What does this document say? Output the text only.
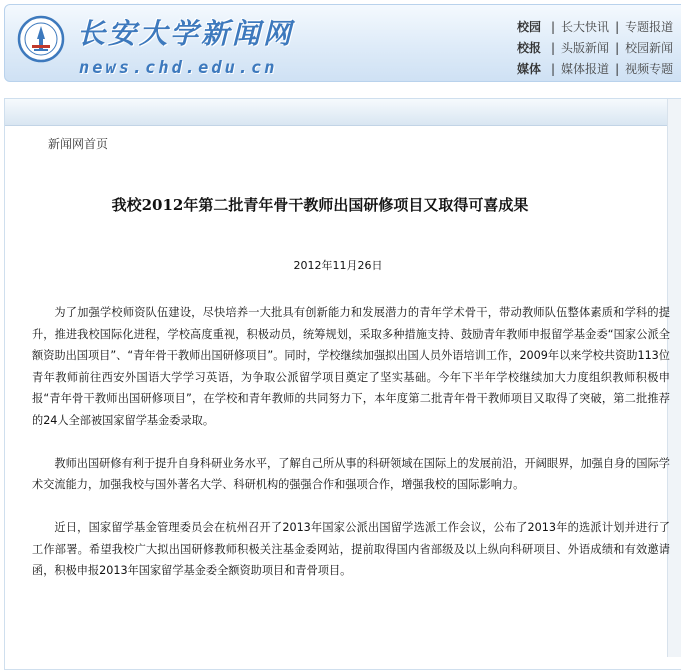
长安大学新闻网
news.chd.edu.cn
校园 | 长大快讯 | 专题报道
校报 | 头版新闻 | 校园新闻
媒体 | 媒体报道 | 视频专题
新闻网首页
我校2012年第二批青年骨干教师出国研修项目又取得可喜成果
2012年11月26日

为了加强学校师资队伍建设，尽快培养一大批具有创新能力和发展潜力的青年学术骨干，带动教师队伍整体素质和学科的提升，推进我校国际化进程，学校高度重视，积极动员，统筹规划，采取多种措施支持、鼓励青年教师申报留学基金委“国家公派全额资助出国项目”、“青年骨干教师出国研修项目”。同时，学校继续加强拟出国人员外语培训工作，2009年以来学校共资助113位青年教师前往西安外国语大学学习英语，为争取公派留学项目奠定了坚实基础。今年下半年学校继续加大力度组织教师积极申报“青年骨干教师出国研修项目”，在学校和青年教师的共同努力下，本年度第二批青年骨干教师项目又取得了突破，第二批推荐的24人全部被国家留学基金委录取。

教师出国研修有利于提升自身科研业务水平，了解自己所从事的科研领域在国际上的发展前沿，开阔眼界，加强自身的国际学术交流能力，加强我校与国外著名大学、科研机构的强强合作和强项合作，增强我校的国际影响力。

近日，国家留学基金管理委员会在杭州召开了2013年国家公派出国留学选派工作会议，公布了2013年的选派计划并进行了工作部署。希望我校广大拟出国研修教师积极关注基金委网站，提前取得国内省部级及以上纵向科研项目、外语成绩和有效邀请函，积极申报2013年国家留学基金委全额资助项目和青骨项目。
